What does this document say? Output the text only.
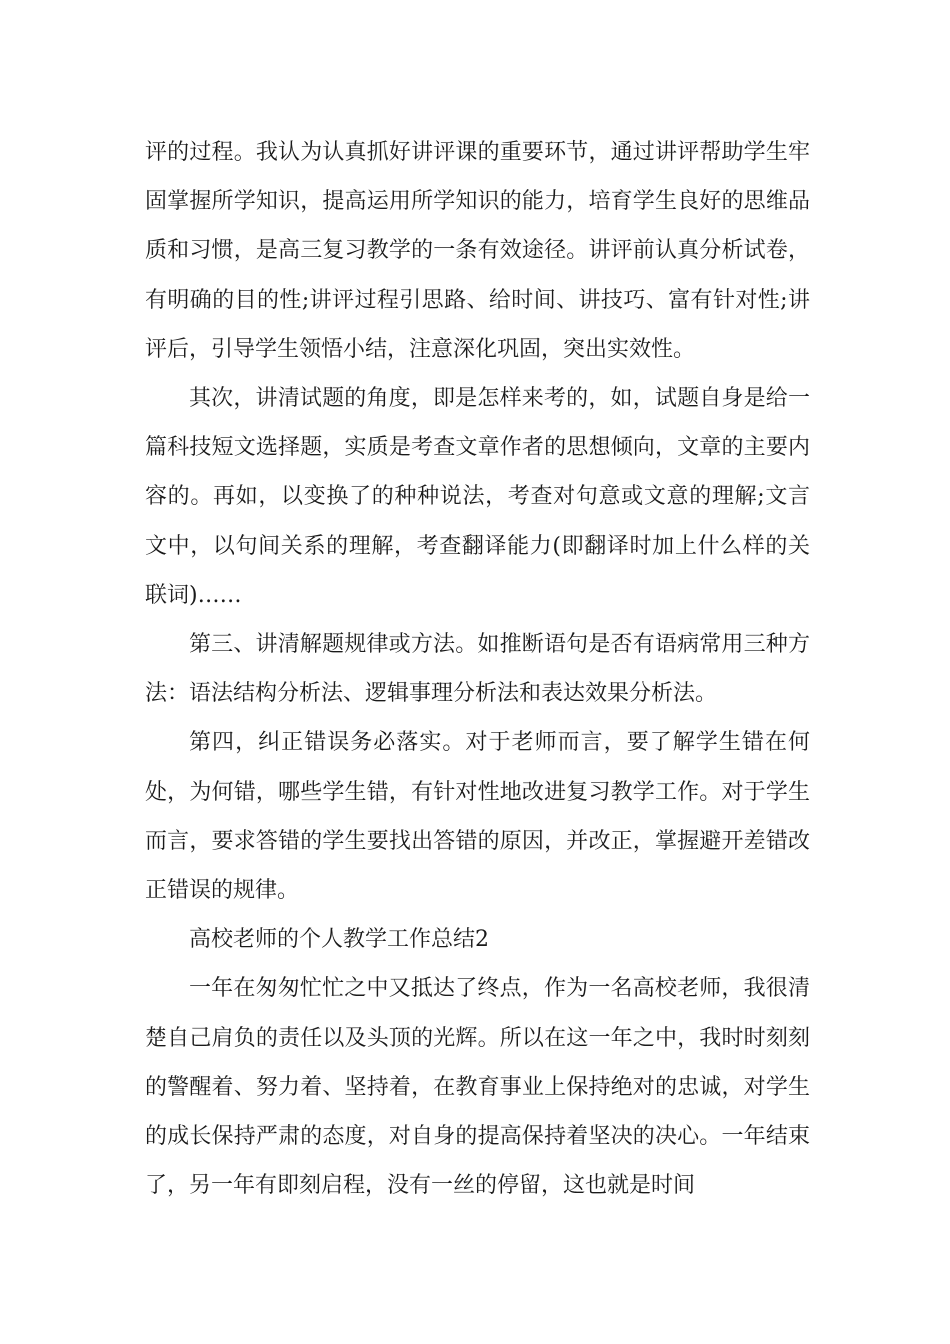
评的过程。我认为认真抓好讲评课的重要环节，通过讲评帮助学生牢固掌握所学知识，提高运用所学知识的能力，培育学生良好的思维品质和习惯，是高三复习教学的一条有效途径。讲评前认真分析试卷，有明确的目的性;讲评过程引思路、给时间、讲技巧、富有针对性;讲评后，引导学生领悟小结，注意深化巩固，突出实效性。

其次，讲清试题的角度，即是怎样来考的，如，试题自身是给一篇科技短文选择题，实质是考查文章作者的思想倾向，文章的主要内容的。再如，以变换了的种种说法，考查对句意或文意的理解;文言文中，以句间关系的理解，考查翻译能力(即翻译时加上什么样的关联词)……

第三、讲清解题规律或方法。如推断语句是否有语病常用三种方法：语法结构分析法、逻辑事理分析法和表达效果分析法。

第四，纠正错误务必落实。对于老师而言，要了解学生错在何处，为何错，哪些学生错，有针对性地改进复习教学工作。对于学生而言，要求答错的学生要找出答错的原因，并改正，掌握避开差错改正错误的规律。

高校老师的个人教学工作总结2

一年在匆匆忙忙之中又抵达了终点，作为一名高校老师，我很清楚自己肩负的责任以及头顶的光辉。所以在这一年之中，我时时刻刻的警醒着、努力着、坚持着，在教育事业上保持绝对的忠诚，对学生的成长保持严肃的态度，对自身的提高保持着坚决的决心。一年结束了，另一年有即刻启程，没有一丝的停留，这也就是时间
